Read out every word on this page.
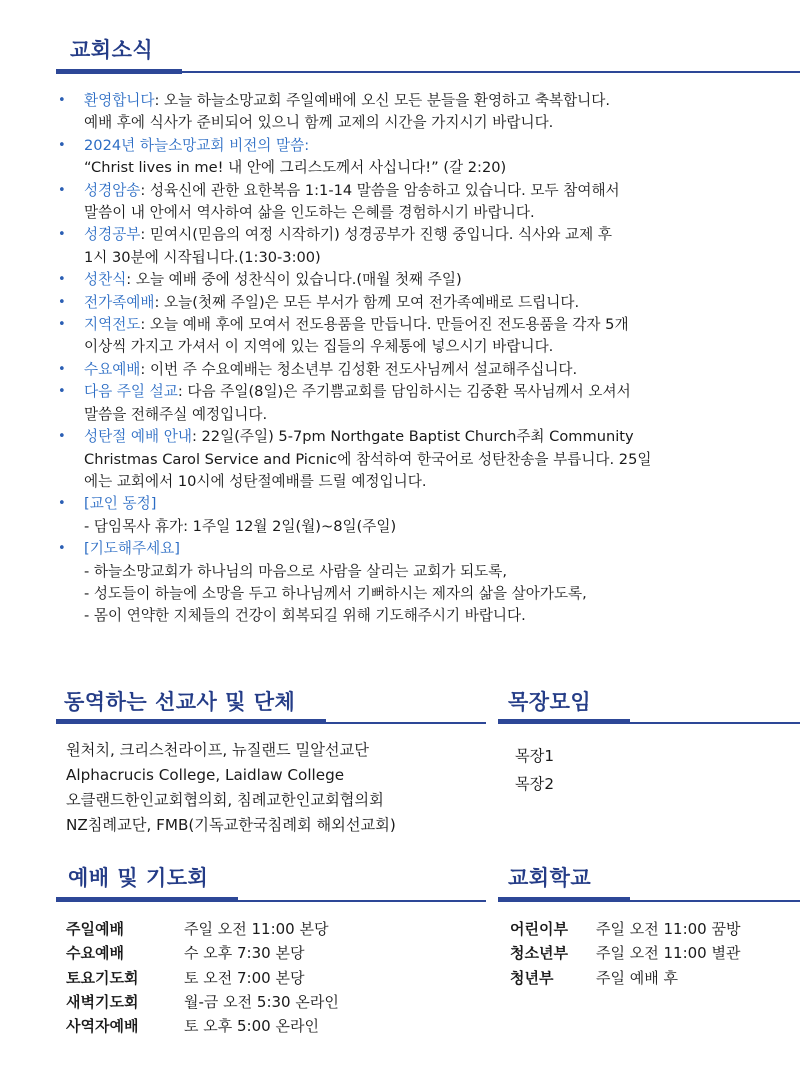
교회소식
• 환영합니다: 오늘 하늘소망교회 주일예배에 오신 모든 분들을 환영하고 축복합니다.
예배 후에 식사가 준비되어 있으니 함께 교제의 시간을 가지시기 바랍니다.
• 2024년 하늘소망교회 비전의 말씀:
“Christ lives in me! 내 안에 그리스도께서 사십니다!” (갈 2:20)
• 성경암송: 성육신에 관한 요한복음 1:1-14 말씀을 암송하고 있습니다. 모두 참여해서
말씀이 내 안에서 역사하여 삶을 인도하는 은혜를 경험하시기 바랍니다.
• 성경공부: 믿여시(믿음의 여정 시작하기) 성경공부가 진행 중입니다. 식사와 교제 후
1시 30분에 시작됩니다.(1:30-3:00)
• 성찬식: 오늘 예배 중에 성찬식이 있습니다.(매월 첫째 주일)
• 전가족예배: 오늘(첫째 주일)은 모든 부서가 함께 모여 전가족예배로 드립니다.
• 지역전도: 오늘 예배 후에 모여서 전도용품을 만듭니다. 만들어진 전도용품을 각자 5개
이상씩 가지고 가셔서 이 지역에 있는 집들의 우체통에 넣으시기 바랍니다.
• 수요예배: 이번 주 수요예배는 청소년부 김성환 전도사님께서 설교해주십니다.
• 다음 주일 설교: 다음 주일(8일)은 주기쁨교회를 담임하시는 김중환 목사님께서 오셔서
말씀을 전해주실 예정입니다.
• 성탄절 예배 안내: 22일(주일) 5-7pm Northgate Baptist Church주최 Community
Christmas Carol Service and Picnic에 참석하여 한국어로 성탄찬송을 부릅니다. 25일
에는 교회에서 10시에 성탄절예배를 드릴 예정입니다.
• [교인 동정]
- 담임목사 휴가: 1주일 12월 2일(월)~8일(주일)
• [기도해주세요]
- 하늘소망교회가 하나님의 마음으로 사람을 살리는 교회가 되도록,
- 성도들이 하늘에 소망을 두고 하나님께서 기뻐하시는 제자의 삶을 살아가도록,
- 몸이 연약한 지체들의 건강이 회복되길 위해 기도해주시기 바랍니다.
동역하는 선교사 및 단체
원처치, 크리스천라이프, 뉴질랜드 밀알선교단
Alphacrucis College, Laidlaw College
오클랜드한인교회협의회, 침례교한인교회협의회
NZ침례교단, FMB(기독교한국침례회 해외선교회)
목장모임
목장1
목장2
예배 및 기도회
주일예배	주일 오전 11:00 본당
수요예배	수 오후 7:30 본당
토요기도회	토 오전 7:00 본당
새벽기도회	월-금 오전 5:30 온라인
사역자예배	토 오후 5:00 온라인
교회학교
어린이부	주일 오전 11:00 꿈방
청소년부	주일 오전 11:00 별관
청년부	주일 예배 후
